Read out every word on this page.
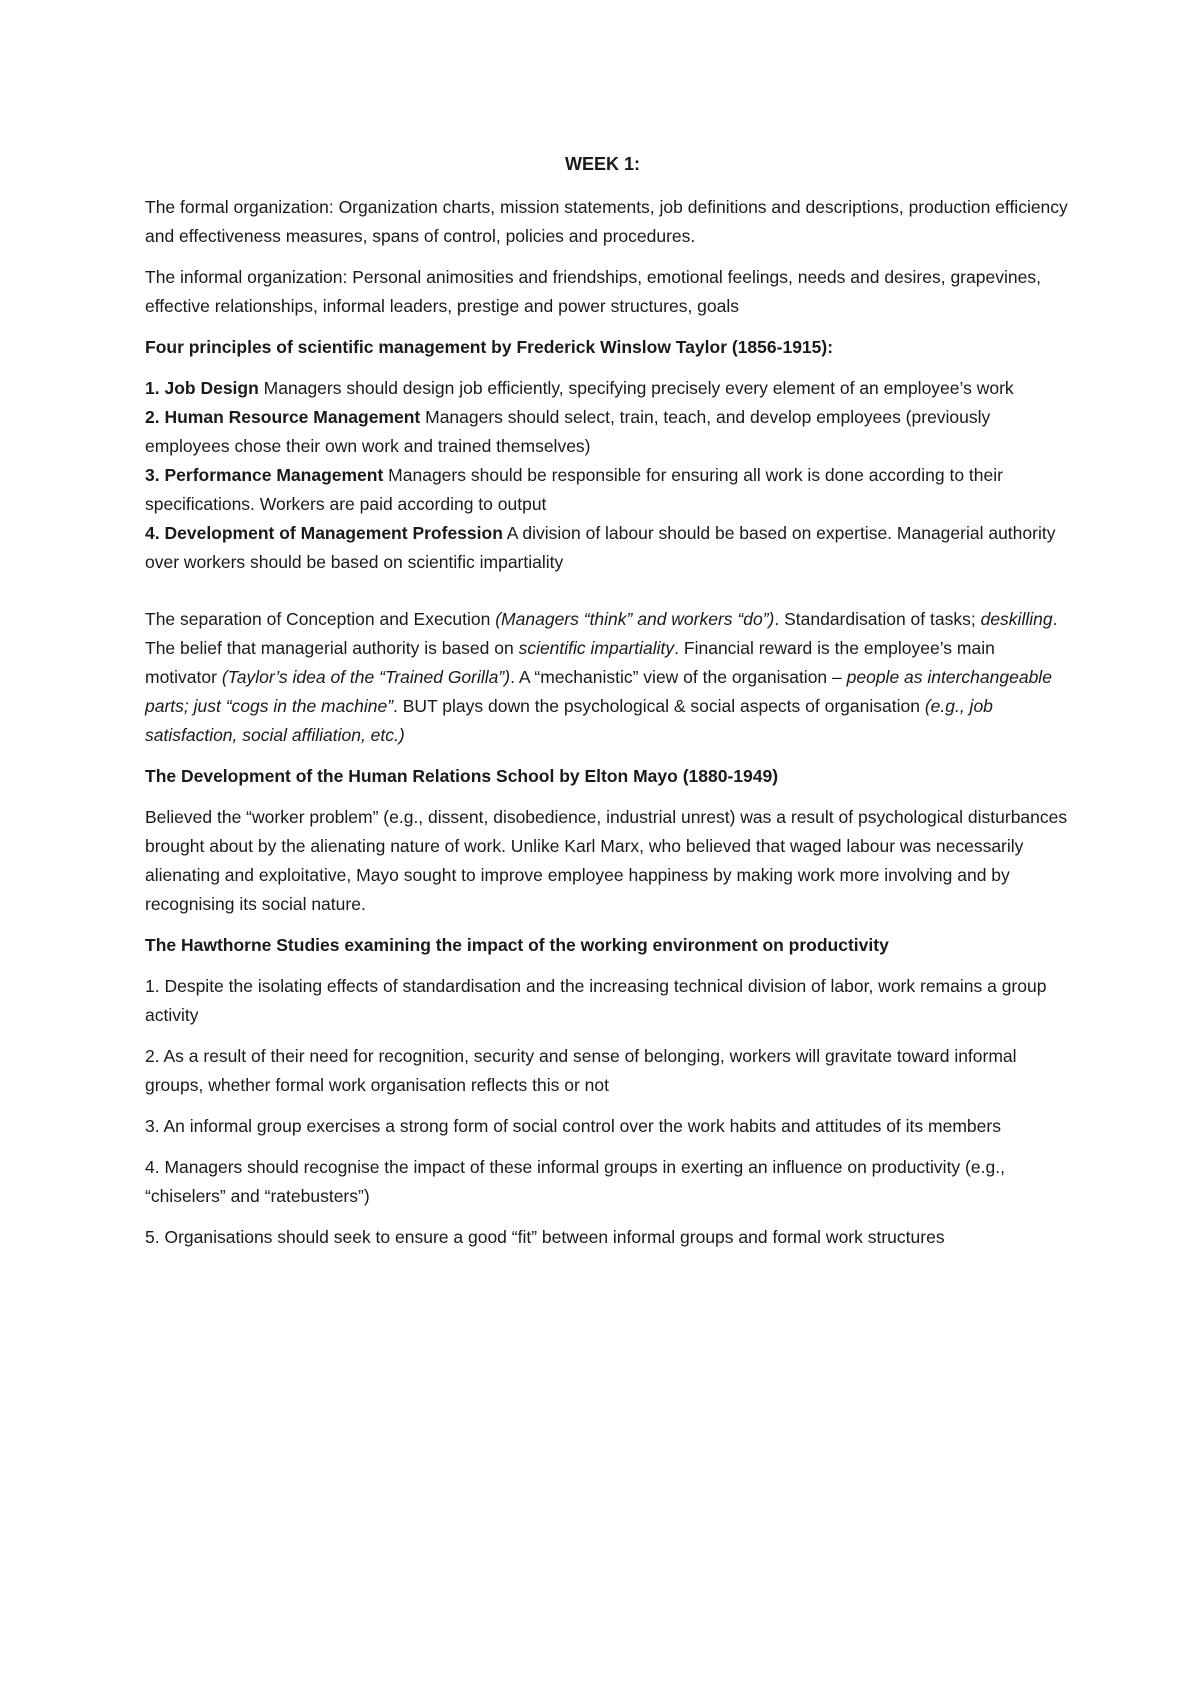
WEEK 1:

The formal organization: Organization charts, mission statements, job definitions and descriptions, production efficiency and effectiveness measures, spans of control, policies and procedures.

The informal organization: Personal animosities and friendships, emotional feelings, needs and desires, grapevines, effective relationships, informal leaders, prestige and power structures, goals

Four principles of scientific management by Frederick Winslow Taylor (1856-1915):

1. Job Design Managers should design job efficiently, specifying precisely every element of an employee’s work
2. Human Resource Management Managers should select, train, teach, and develop employees (previously employees chose their own work and trained themselves)
3. Performance Management Managers should be responsible for ensuring all work is done according to their specifications. Workers are paid according to output
4. Development of Management Profession A division of labour should be based on expertise. Managerial authority over workers should be based on scientific impartiality

The separation of Conception and Execution (Managers “think” and workers “do”). Standardisation of tasks; deskilling. The belief that managerial authority is based on scientific impartiality. Financial reward is the employee’s main motivator (Taylor’s idea of the “Trained Gorilla”). A “mechanistic” view of the organisation – people as interchangeable parts; just “cogs in the machine”. BUT plays down the psychological & social aspects of organisation (e.g., job satisfaction, social affiliation, etc.)

The Development of the Human Relations School by Elton Mayo (1880-1949)

Believed the “worker problem” (e.g., dissent, disobedience, industrial unrest) was a result of psychological disturbances brought about by the alienating nature of work. Unlike Karl Marx, who believed that waged labour was necessarily alienating and exploitative, Mayo sought to improve employee happiness by making work more involving and by recognising its social nature.

The Hawthorne Studies examining the impact of the working environment on productivity

1. Despite the isolating effects of standardisation and the increasing technical division of labor, work remains a group activity

2. As a result of their need for recognition, security and sense of belonging, workers will gravitate toward informal groups, whether formal work organisation reflects this or not

3. An informal group exercises a strong form of social control over the work habits and attitudes of its members

4. Managers should recognise the impact of these informal groups in exerting an influence on productivity (e.g., “chiselers” and “ratebusters”)

5. Organisations should seek to ensure a good “fit” between informal groups and formal work structures
